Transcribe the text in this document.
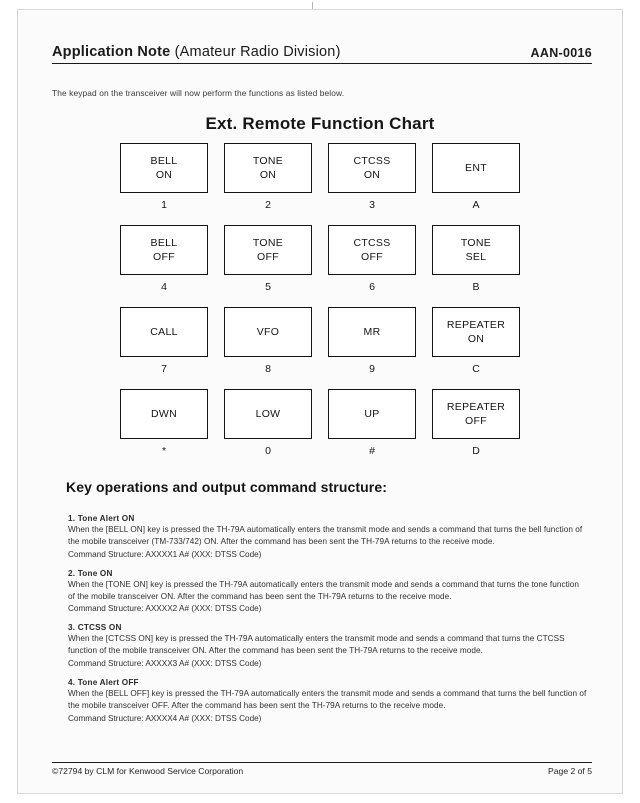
Application Note (Amateur Radio Division)	AAN-0016
The keypad on the transceiver will now perform the functions as listed below.
Ext. Remote Function Chart
BELL
ON
1
TONE
ON
2
CTCSS
ON
3
ENT
A
BELL
OFF
4
TONE
OFF
5
CTCSS
OFF
6
TONE
SEL
B
CALL
7
VFO
8
MR
9
REPEATER
ON
C
DWN
*
LOW
0
UP
#
REPEATER
OFF
D
Key operations and output command structure:
1. Tone Alert ON
When the [BELL ON] key is pressed the TH-79A automatically enters the transmit mode and sends a command that turns the bell function of the mobile transceiver (TM-733/742) ON. After the command has been sent the TH-79A returns to the receive mode.
Command Structure: AXXXX1 A# (XXX: DTSS Code)
2. Tone ON
When the [TONE ON] key is pressed the TH-79A automatically enters the transmit mode and sends a command that turns the tone function of the mobile transceiver ON. After the command has been sent the TH-79A returns to the receive mode.
Command Structure: AXXXX2 A# (XXX: DTSS Code)
3. CTCSS ON
When the [CTCSS ON] key is pressed the TH-79A automatically enters the transmit mode and sends a command that turns the CTCSS function of the mobile transceiver ON. After the command has been sent the TH-79A returns to the receive mode.
Command Structure: AXXXX3 A# (XXX: DTSS Code)
4. Tone Alert OFF
When the [BELL OFF] key is pressed the TH-79A automatically enters the transmit mode and sends a command that turns the bell function of the mobile transceiver OFF. After the command has been sent the TH-79A returns to the receive mode.
Command Structure: AXXXX4 A# (XXX: DTSS Code)
©72794 by CLM for Kenwood Service Corporation	Page 2 of 5
